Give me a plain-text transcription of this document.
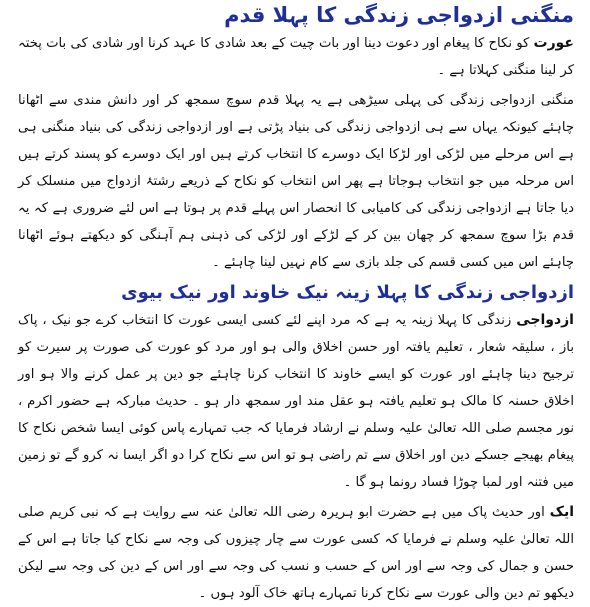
منگنی ازدواجی زندگی کا پہلا قدم

عورت کو نکاح کا پیغام اور دعوت دینا اور بات چیت کے بعد شادی کا عہد کرنا اور شادی کی بات پختہ کر لینا منگنی کہلاتا ہے ۔

منگنی ازدواجی زندگی کی پہلی سیڑھی ہے یہ پہلا قدم سوچ سمجھ کر اور دانش مندی سے اٹھانا چاہئے کیونکہ یہاں سے ہی ازدواجی زندگی کی بنیاد پڑتی ہے اور ازدواجی زندگی کی بنیاد منگنی ہی ہے اس مرحلے میں لڑکی اور لڑکا ایک دوسرے کا انتخاب کرتے ہیں اور ایک دوسرے کو پسند کرتے ہیں اس مرحلہ میں جو انتخاب ہوجاتا ہے پھر اس انتخاب کو نکاح کے ذریعے رشتۂ ازدواج میں منسلک کر دیا جاتا ہے ازدواجی زندگی کی کامیابی کا انحصار اس پہلے قدم پر ہوتا ہے اس لئے ضروری ہے کہ یہ قدم بڑا سوچ سمجھ کر چھان بین کر کے لڑکے اور لڑکی کی ذہنی ہم آہنگی کو دیکھتے ہوئے اٹھانا چاہئے اس میں کسی قسم کی جلد بازی سے کام نہیں لینا چاہئے ۔

ازدواجی زندگی کا پہلا زینہ نیک خاوند اور نیک بیوی

ازدواجی زندگی کا پہلا زینہ یہ ہے کہ مرد اپنے لئے کسی ایسی عورت کا انتخاب کرے جو نیک ، پاک باز ، سلیقہ شعار ، تعلیم یافتہ اور حسن اخلاق والی ہو اور مرد کو عورت کی صورت پر سیرت کو ترجیح دینا چاہئے اور عورت کو ایسے خاوند کا انتخاب کرنا چاہئے جو دین پر عمل کرنے والا ہو اور اخلاق حسنہ کا مالک ہو تعلیم یافتہ ہو عقل مند اور سمجھ دار ہو ۔ حدیث مبارکہ ہے حضور اکرم ، نور مجسم صلی اللہ تعالیٰ علیہ وسلم نے ارشاد فرمایا کہ جب تمہارے پاس کوئی ایسا شخص نکاح کا پیغام بھیجے جسکے دین اور اخلاق سے تم راضی ہو تو اس سے نکاح کرا دو اگر ایسا نہ کرو گے تو زمین میں فتنہ اور لمبا چوڑا فساد رونما ہو گا ۔

ایک اور حدیث پاک میں ہے حضرت ابو ہریرہ رضی اللہ تعالیٰ عنہ سے روایت ہے کہ نبی کریم صلی اللہ تعالیٰ علیہ وسلم نے فرمایا کہ کسی عورت سے چار چیزوں کی وجہ سے نکاح کیا جاتا ہے اس کے حسن و جمال کی وجہ سے اور اس کے حسب و نسب کی وجہ سے اور اس کے دین کی وجہ سے لیکن دیکھو تم دین والی عورت سے نکاح کرنا تمہارے ہاتھ خاک آلود ہوں ۔
